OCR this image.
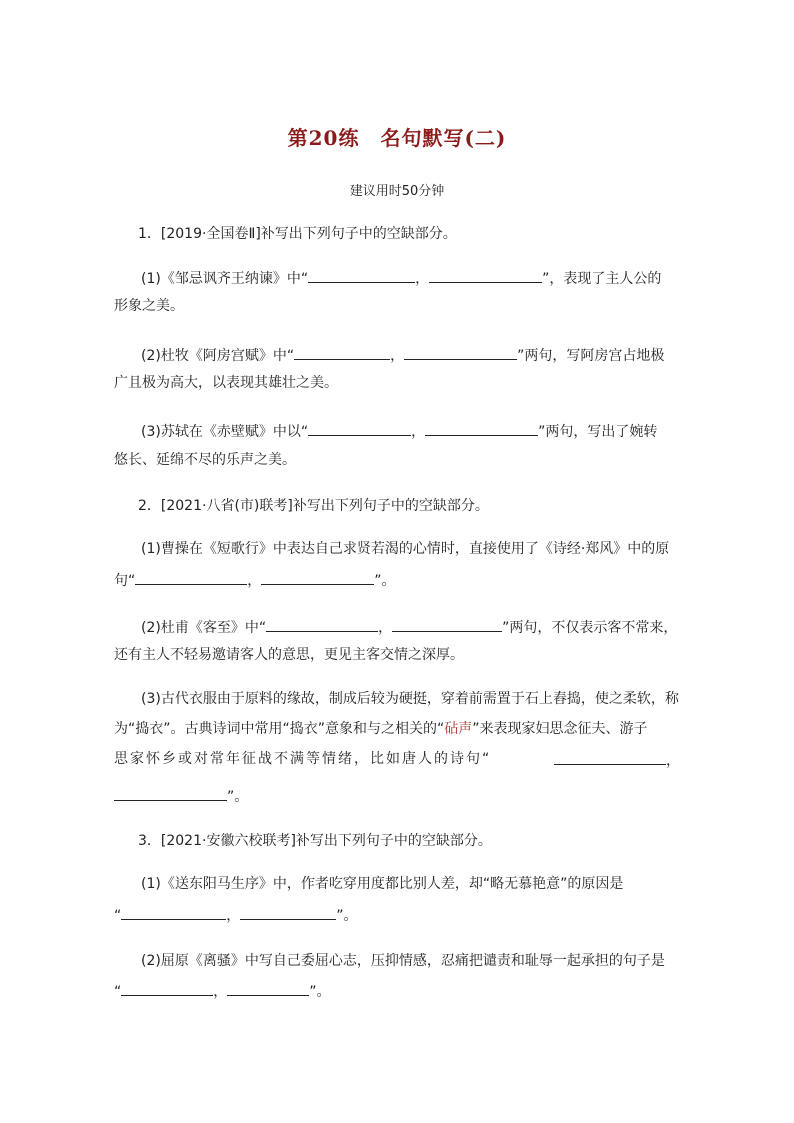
第20练　名句默写(二)
建议用时50分钟
1．[2019·全国卷Ⅱ]补写出下列句子中的空缺部分。
(1)《邹忌讽齐王纳谏》中“	，	”，表现了主人公的
形象之美。
(2)杜牧《阿房宫赋》中“	，	”两句，写阿房宫占地极
广且极为高大，以表现其雄壮之美。
(3)苏轼在《赤壁赋》中以“	，	”两句，写出了婉转
悠长、延绵不尽的乐声之美。
2．[2021·八省(市)联考]补写出下列句子中的空缺部分。
(1)曹操在《短歌行》中表达自己求贤若渴的心情时，直接使用了《诗经·郑风》中的原
句“	，	”。
(2)杜甫《客至》中“	，	”两句，不仅表示客不常来，
还有主人不轻易邀请客人的意思，更见主客交情之深厚。
(3)古代衣服由于原料的缘故，制成后较为硬挺，穿着前需置于石上舂捣，使之柔软，称
为“捣衣”。古典诗词中常用“捣衣”意象和与之相关的“砧声”来表现家妇思念征夫、游子
思家怀乡或对常年征战不满等情绪，比如唐人的诗句“	，
”。
3．[2021·安徽六校联考]补写出下列句子中的空缺部分。
(1)《送东阳马生序》中，作者吃穿用度都比别人差，却“略无慕艳意”的原因是
“	，	”。
(2)屈原《离骚》中写自己委屈心志，压抑情感，忍痛把谴责和耻辱一起承担的句子是
“	，	”。
